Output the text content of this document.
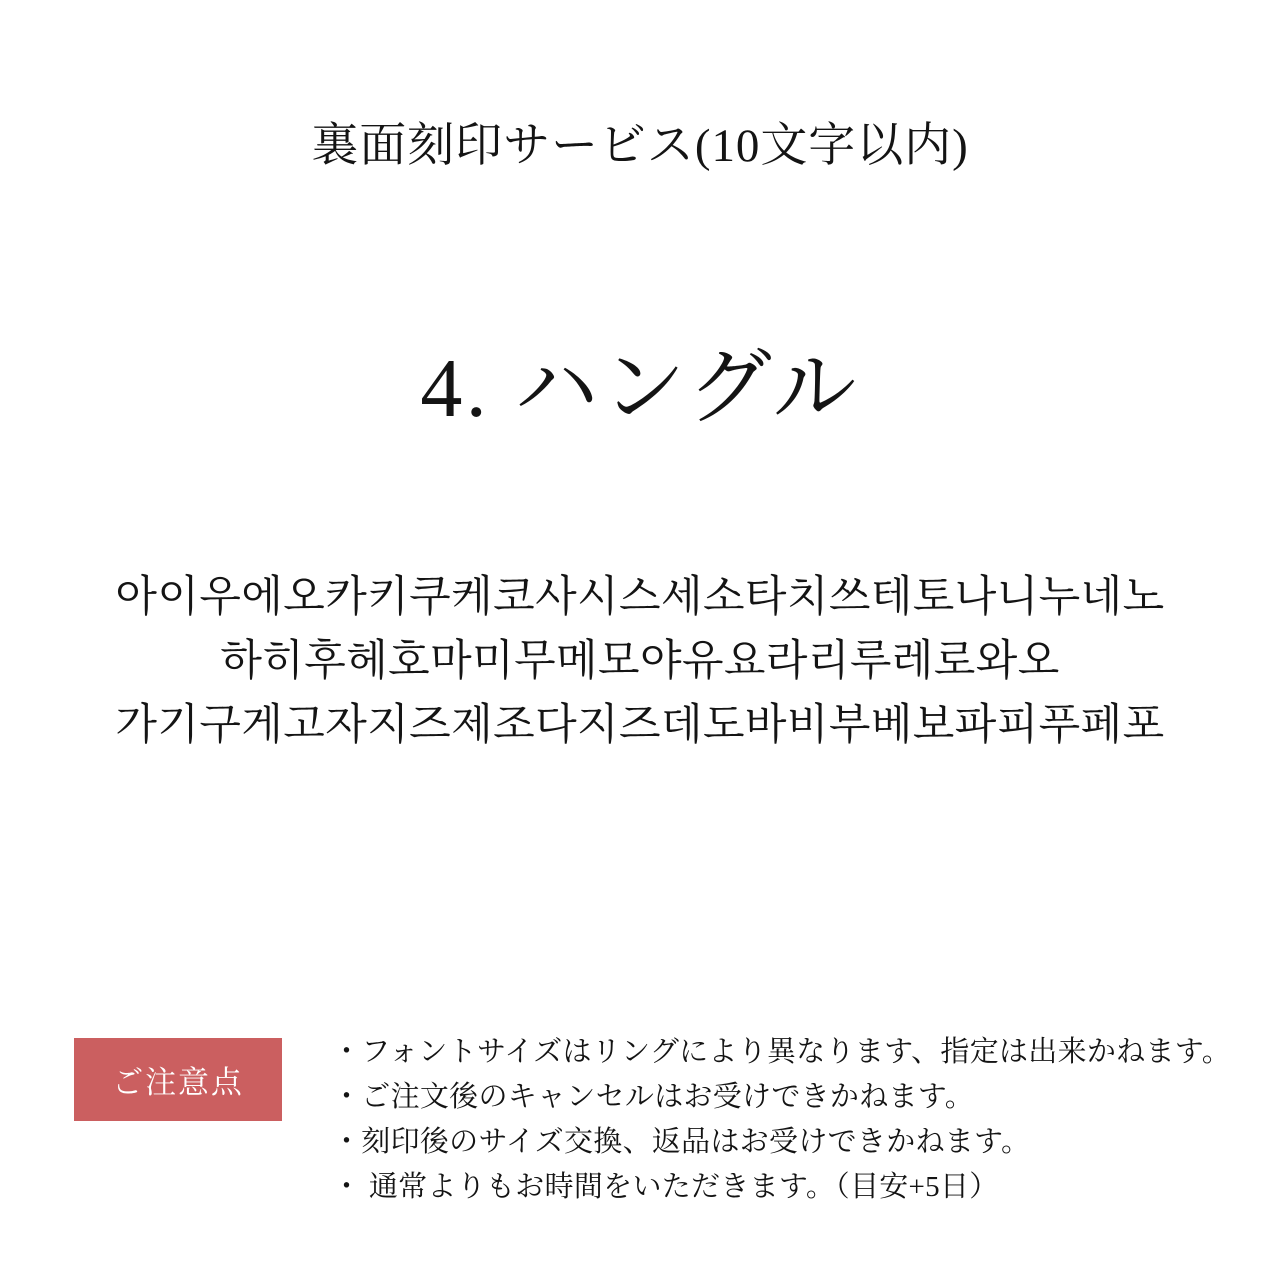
裏面刻印サービス(10文字以内)
4. ハングル
아이우에오카키쿠케코사시스세소타치쓰테토나니누네노
하히후헤호마미무메모야유요라리루레로와오
가기구게고자지즈제조다지즈데도바비부베보파피푸페포
ご注意点
・フォントサイズはリングにより異なります、指定は出来かねます。
・ご注文後のキャンセルはお受けできかねます。
・刻印後のサイズ交換、返品はお受けできかねます。
・ 通常よりもお時間をいただきます。（目安+5日）
